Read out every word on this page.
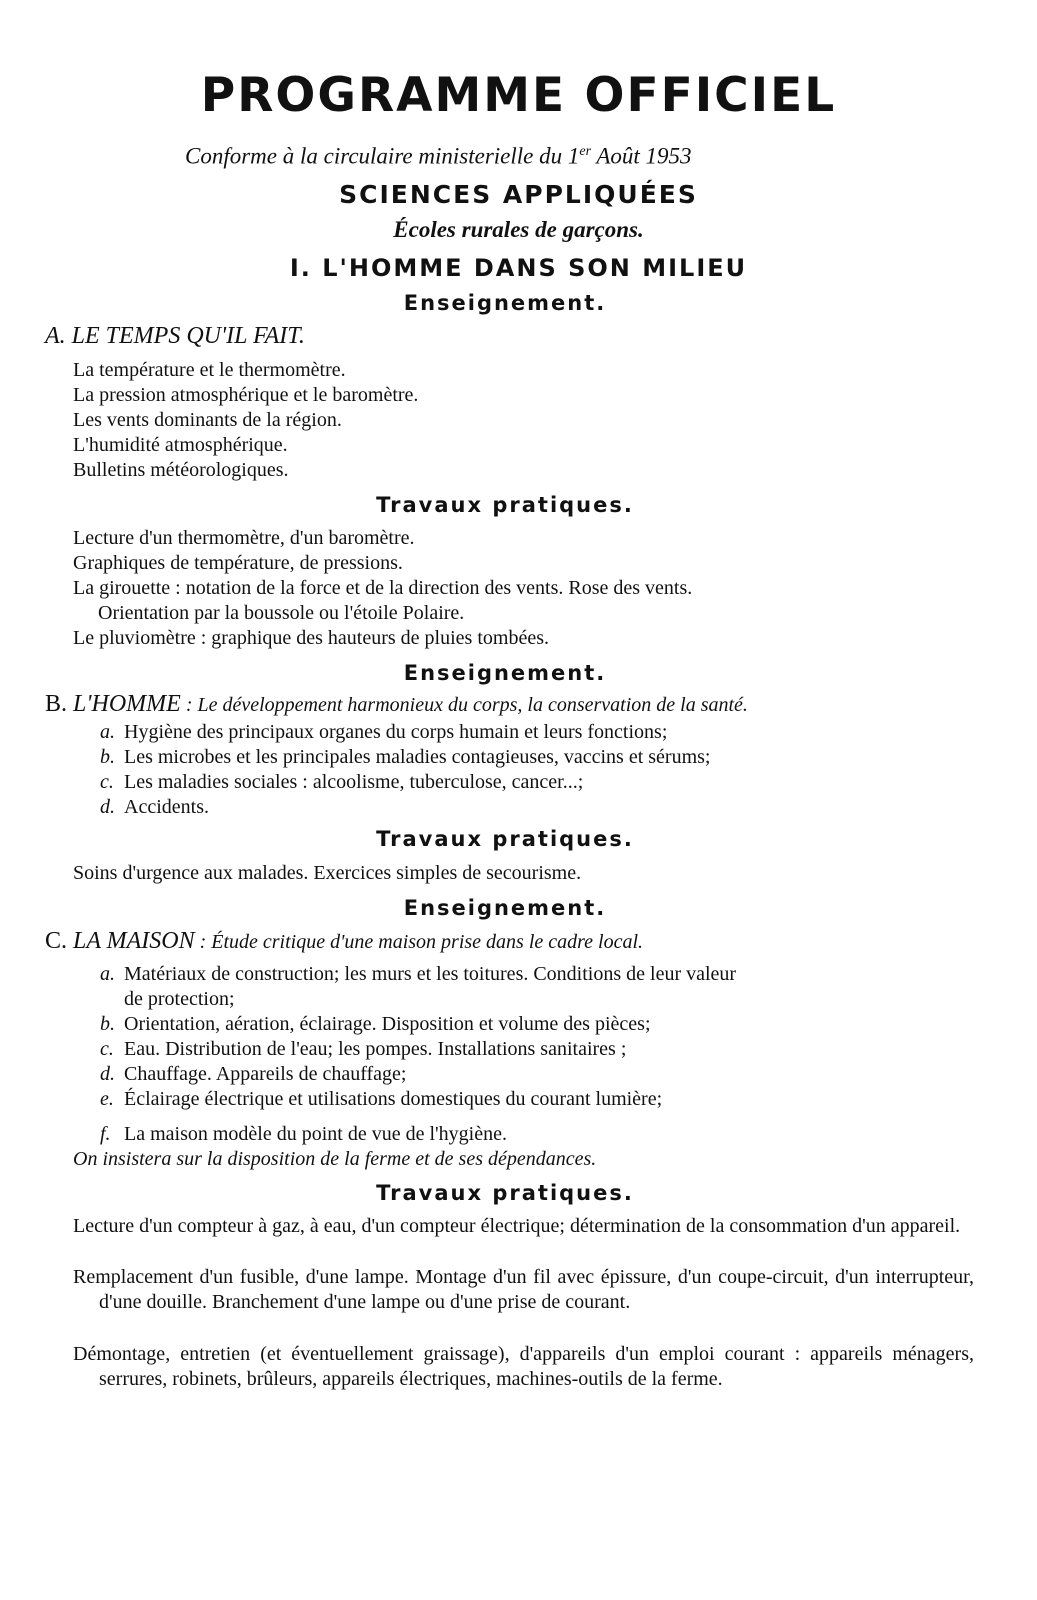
PROGRAMME OFFICIEL
Conforme à la circulaire ministerielle du 1er Août 1953
SCIENCES APPLIQUÉES
Écoles rurales de garçons.
I. L'HOMME DANS SON MILIEU
Enseignement.
A. LE TEMPS QU'IL FAIT.
La température et le thermomètre.
La pression atmosphérique et le baromètre.
Les vents dominants de la région.
L'humidité atmosphérique.
Bulletins météorologiques.
Travaux pratiques.
Lecture d'un thermomètre, d'un baromètre.
Graphiques de température, de pressions.
La girouette : notation de la force et de la direction des vents. Rose des vents.
Orientation par la boussole ou l'étoile Polaire.
Le pluviomètre : graphique des hauteurs de pluies tombées.
Enseignement.
B. L'HOMME : Le développement harmonieux du corps, la conservation de la santé.
a. Hygiène des principaux organes du corps humain et leurs fonctions;
b. Les microbes et les principales maladies contagieuses, vaccins et sérums;
c. Les maladies sociales : alcoolisme, tuberculose, cancer...;
d. Accidents.
Travaux pratiques.
Soins d'urgence aux malades. Exercices simples de secourisme.
Enseignement.
C. LA MAISON : Étude critique d'une maison prise dans le cadre local.
a. Matériaux de construction; les murs et les toitures. Conditions de leur valeur
de protection;
b. Orientation, aération, éclairage. Disposition et volume des pièces;
c. Eau. Distribution de l'eau; les pompes. Installations sanitaires ;
d. Chauffage. Appareils de chauffage;
e. Éclairage électrique et utilisations domestiques du courant lumière;
f. La maison modèle du point de vue de l'hygiène.
On insistera sur la disposition de la ferme et de ses dépendances.
Travaux pratiques.
Lecture d'un compteur à gaz, à eau, d'un compteur électrique; détermination de la consommation d'un appareil.
Remplacement d'un fusible, d'une lampe. Montage d'un fil avec épissure, d'un coupe-circuit, d'un interrupteur, d'une douille. Branchement d'une lampe ou d'une prise de courant.
Démontage, entretien (et éventuellement graissage), d'appareils d'un emploi courant : appareils ménagers, serrures, robinets, brûleurs, appareils électriques, machines-outils de la ferme.
